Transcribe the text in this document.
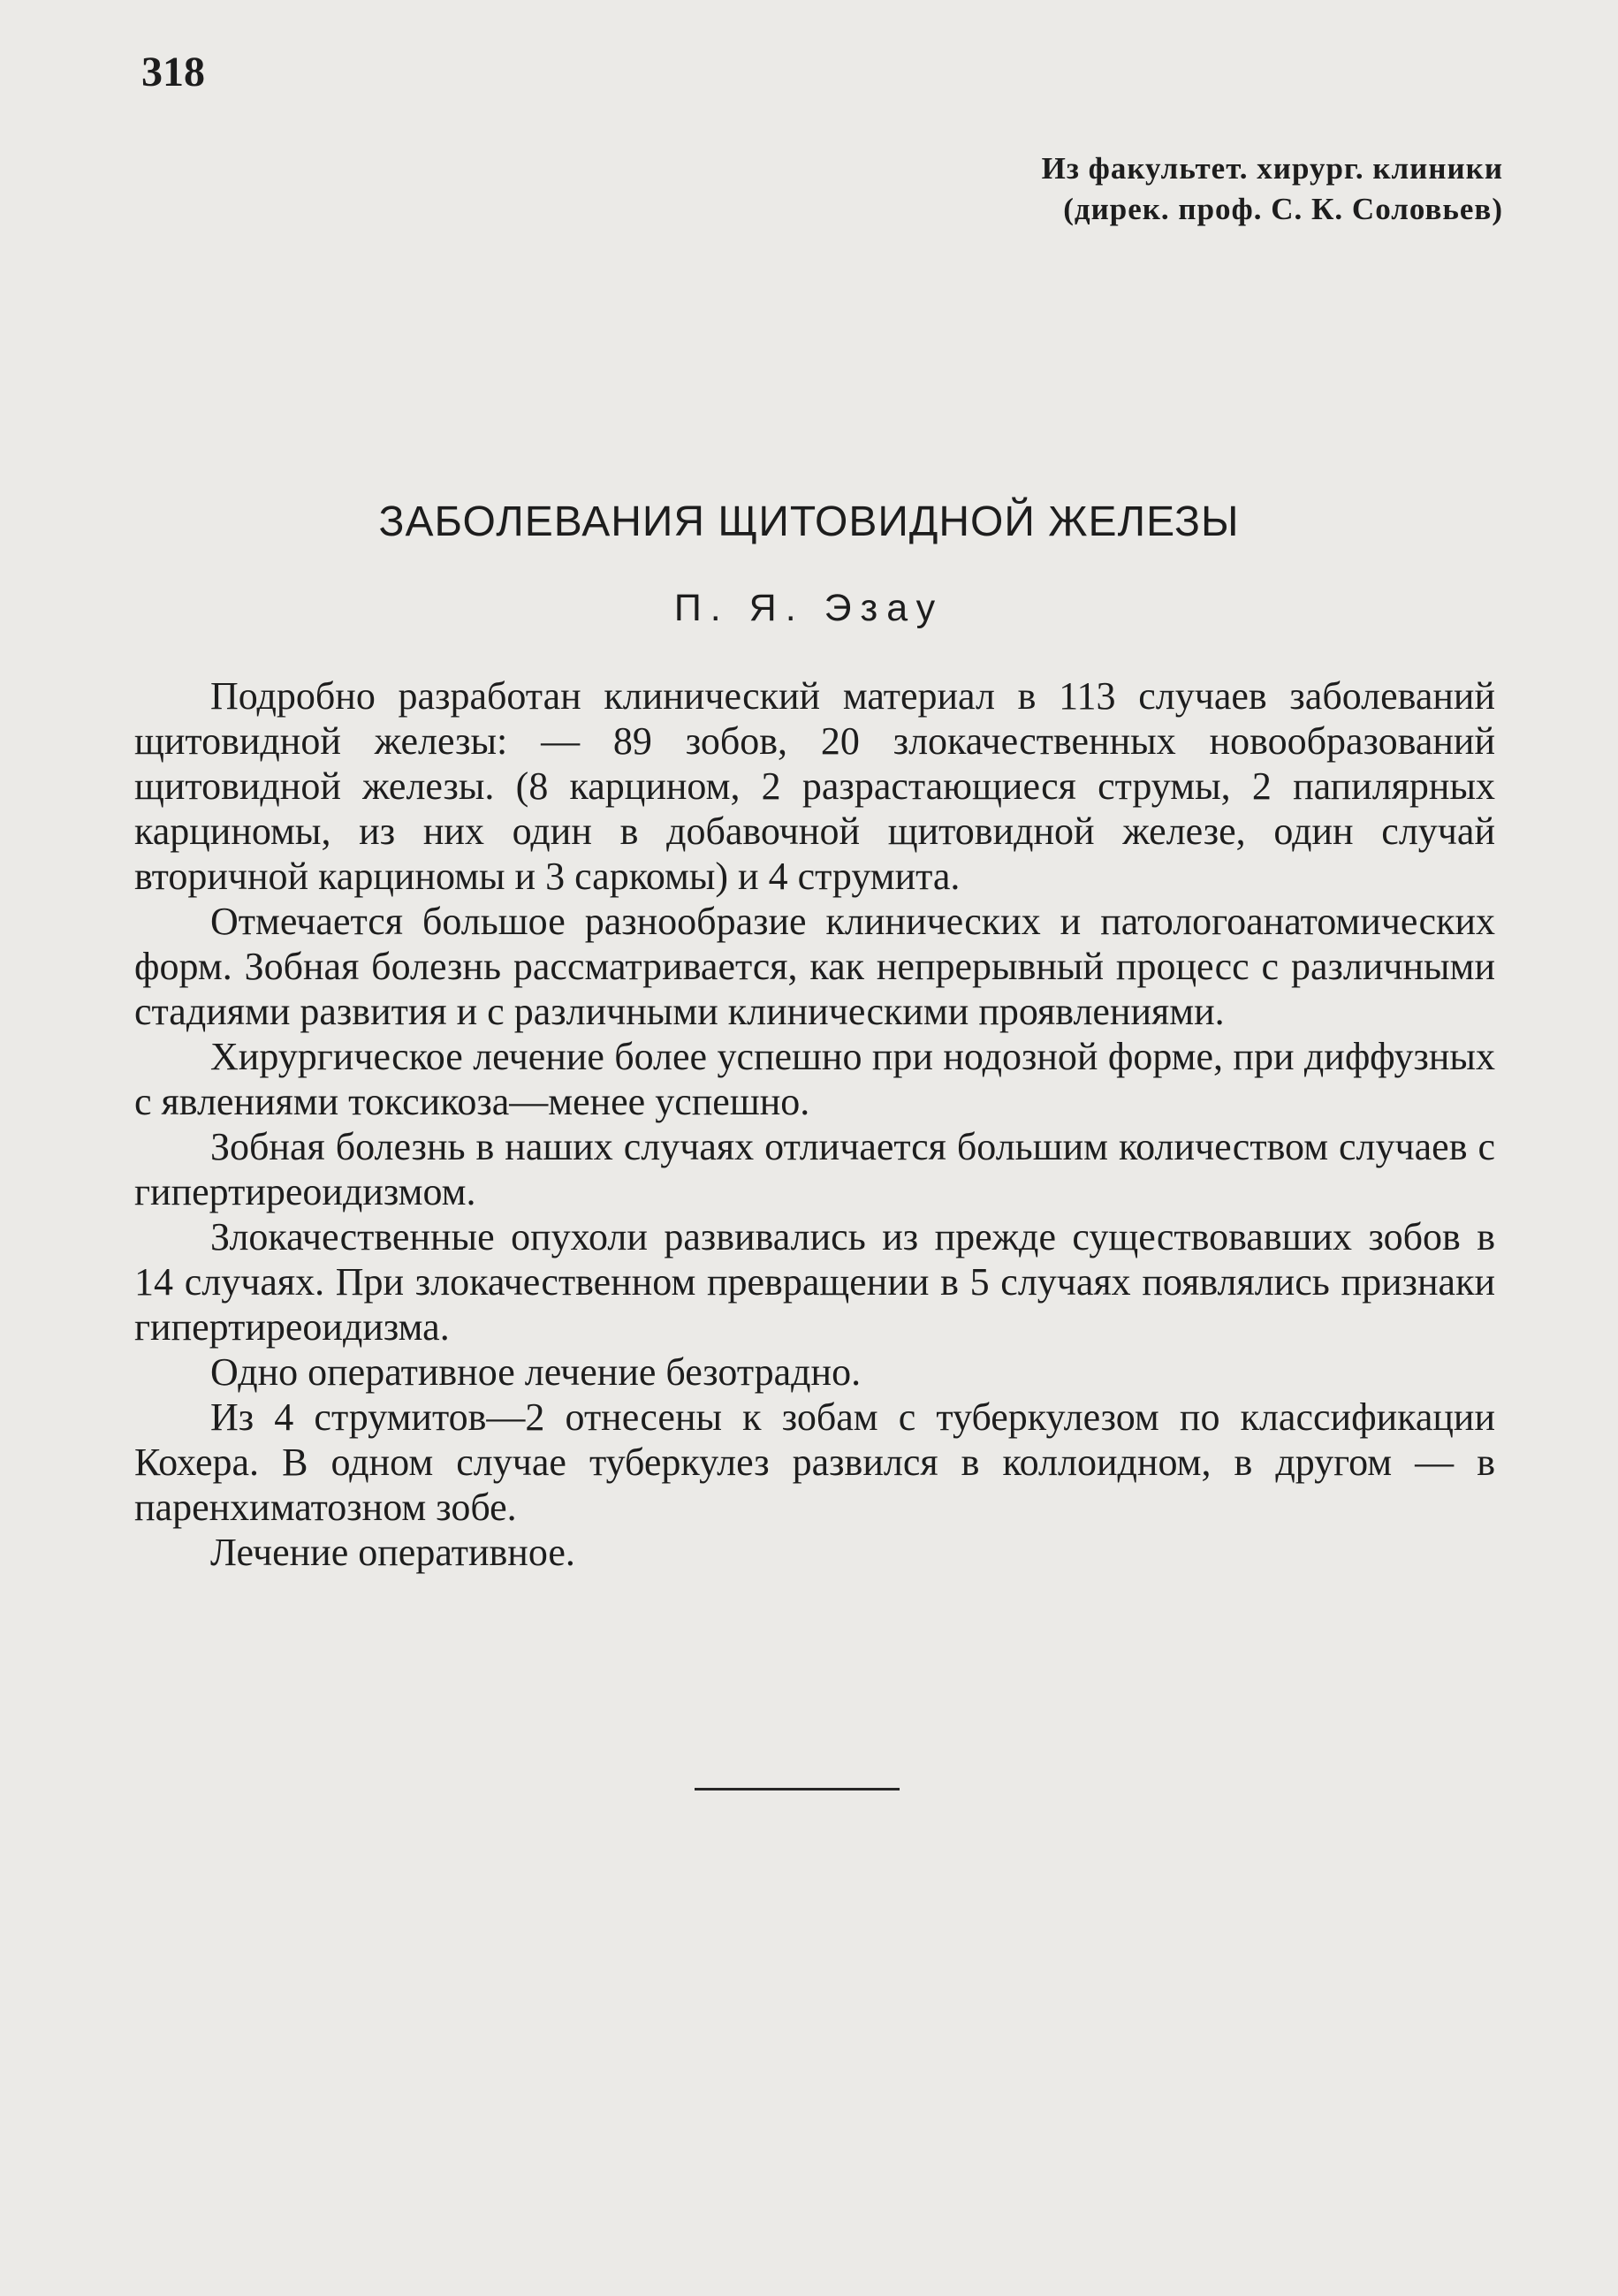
318
Из факультет. хирург. клиники
(дирек. проф. С. К. Соловьев)
ЗАБОЛЕВАНИЯ ЩИТОВИДНОЙ ЖЕЛЕЗЫ
П. Я. Эзау

Подробно разработан клинический материал в 113 случаев заболеваний щитовидной железы: — 89 зобов, 20 злокачественных новообразований щитовидной железы. (8 карцином, 2 разрастающиеся струмы, 2 папилярных карциномы, из них один в добавочной щитовидной железе, один случай вторичной карциномы и 3 саркомы) и 4 струмита.

Отмечается большое разнообразие клинических и патологоанатомических форм. Зобная болезнь рассматривается, как непрерывный процесс с различными стадиями развития и с различными клиническими проявлениями.

Хирургическое лечение более успешно при нодозной форме, при диффузных с явлениями токсикоза—менее успешно.

Зобная болезнь в наших случаях отличается большим количеством случаев с гипертиреоидизмом.

Злокачественные опухоли развивались из прежде существовавших зобов в 14 случаях. При злокачественном превращении в 5 случаях появлялись признаки гипертиреоидизма.

Одно оперативное лечение безотрадно.

Из 4 струмитов—2 отнесены к зобам с туберкулезом по классификации Кохера. В одном случае туберкулез развился в коллоидном, в другом — в паренхиматозном зобе.

Лечение оперативное.
